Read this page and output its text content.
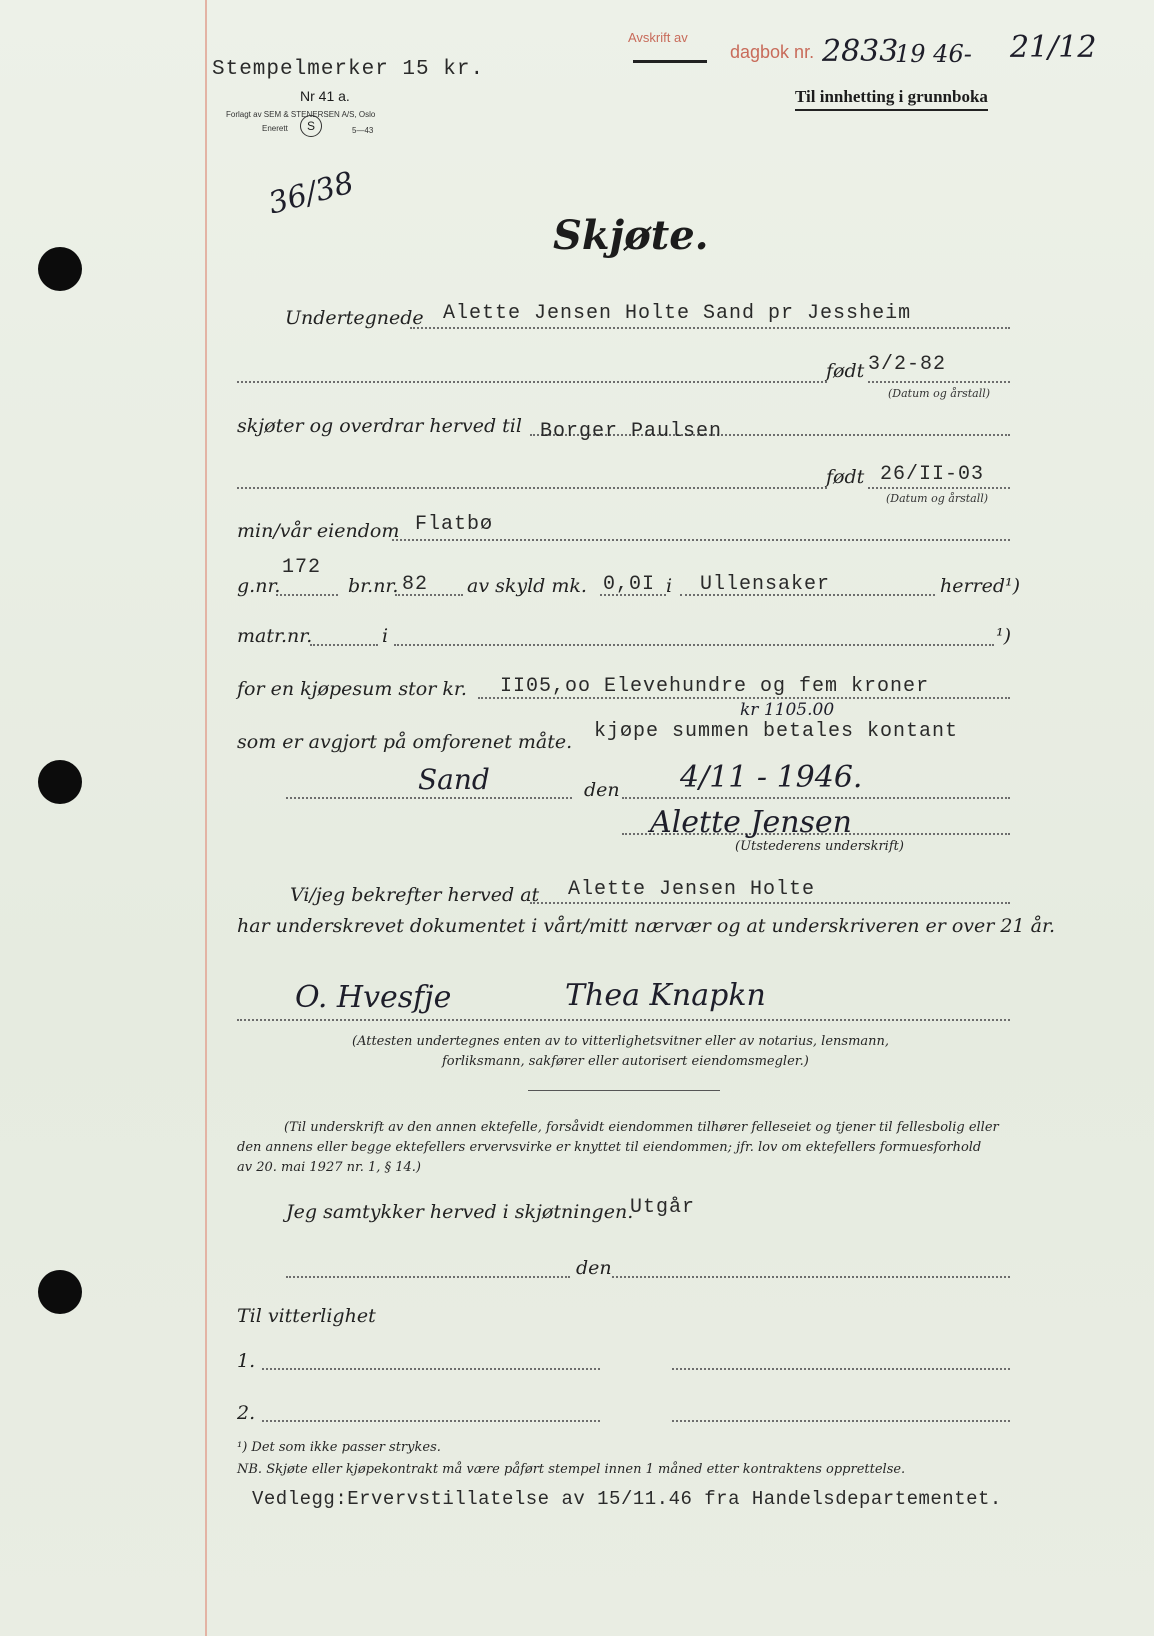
Stempelmerker 15 kr.
Nr 41 a.
Forlagt av SEM & STENERSEN A/S, Oslo
Enerett	S	5—43
Avskrift av
dagbok nr. 2833
19 46- 21/12
Til innhetting i grunnboka
36/38
Skjøte.
Undertegnede Alette Jensen Holte Sand pr Jessheim
født 3/2-82
(Datum og årstall)
skjøter og overdrar herved til Borger Paulsen
født 26/II-03
(Datum og årstall)
min/vår eiendom Flatbø
g.nr.
172
br.nr. 82 av skyld mk. 0,0I i Ullensaker	herred¹)
matr.nr.	i	¹)
for en kjøpesum stor kr. II05,oo Elevehundre og fem kroner
kr 1105.00
som er avgjort på omforenet måte. kjøpe summen betales kontant
Sand	den 4/11 - 1946.
Alette Jensen
(Utstederens underskrift)
Vi/jeg bekrefter herved at Alette Jensen Holte
har underskrevet dokumentet i vårt/mitt nærvær og at underskriveren er over 21 år.
O. Hvesfje	Thea Knapkn
(Attesten undertegnes enten av to vitterlighetsvitner eller av notarius, lensmann,
forliksmann, sakfører eller autorisert eiendomsmegler.)
(Til underskrift av den annen ektefelle, forsåvidt eiendommen tilhører felleseiet og tjener til fellesbolig eller
den annens eller begge ektefellers ervervsvirke er knyttet til eiendommen; jfr. lov om ektefellers formuesforhold
av 20. mai 1927 nr. 1, § 14.)
Jeg samtykker herved i skjøtningen.
Utgår
den
Til vitterlighet
1.
2.
¹) Det som ikke passer strykes.
NB. Skjøte eller kjøpekontrakt må være påført stempel innen 1 måned etter kontraktens opprettelse.
Vedlegg:Ervervstillatelse av 15/11.46 fra Handelsdepartementet.
